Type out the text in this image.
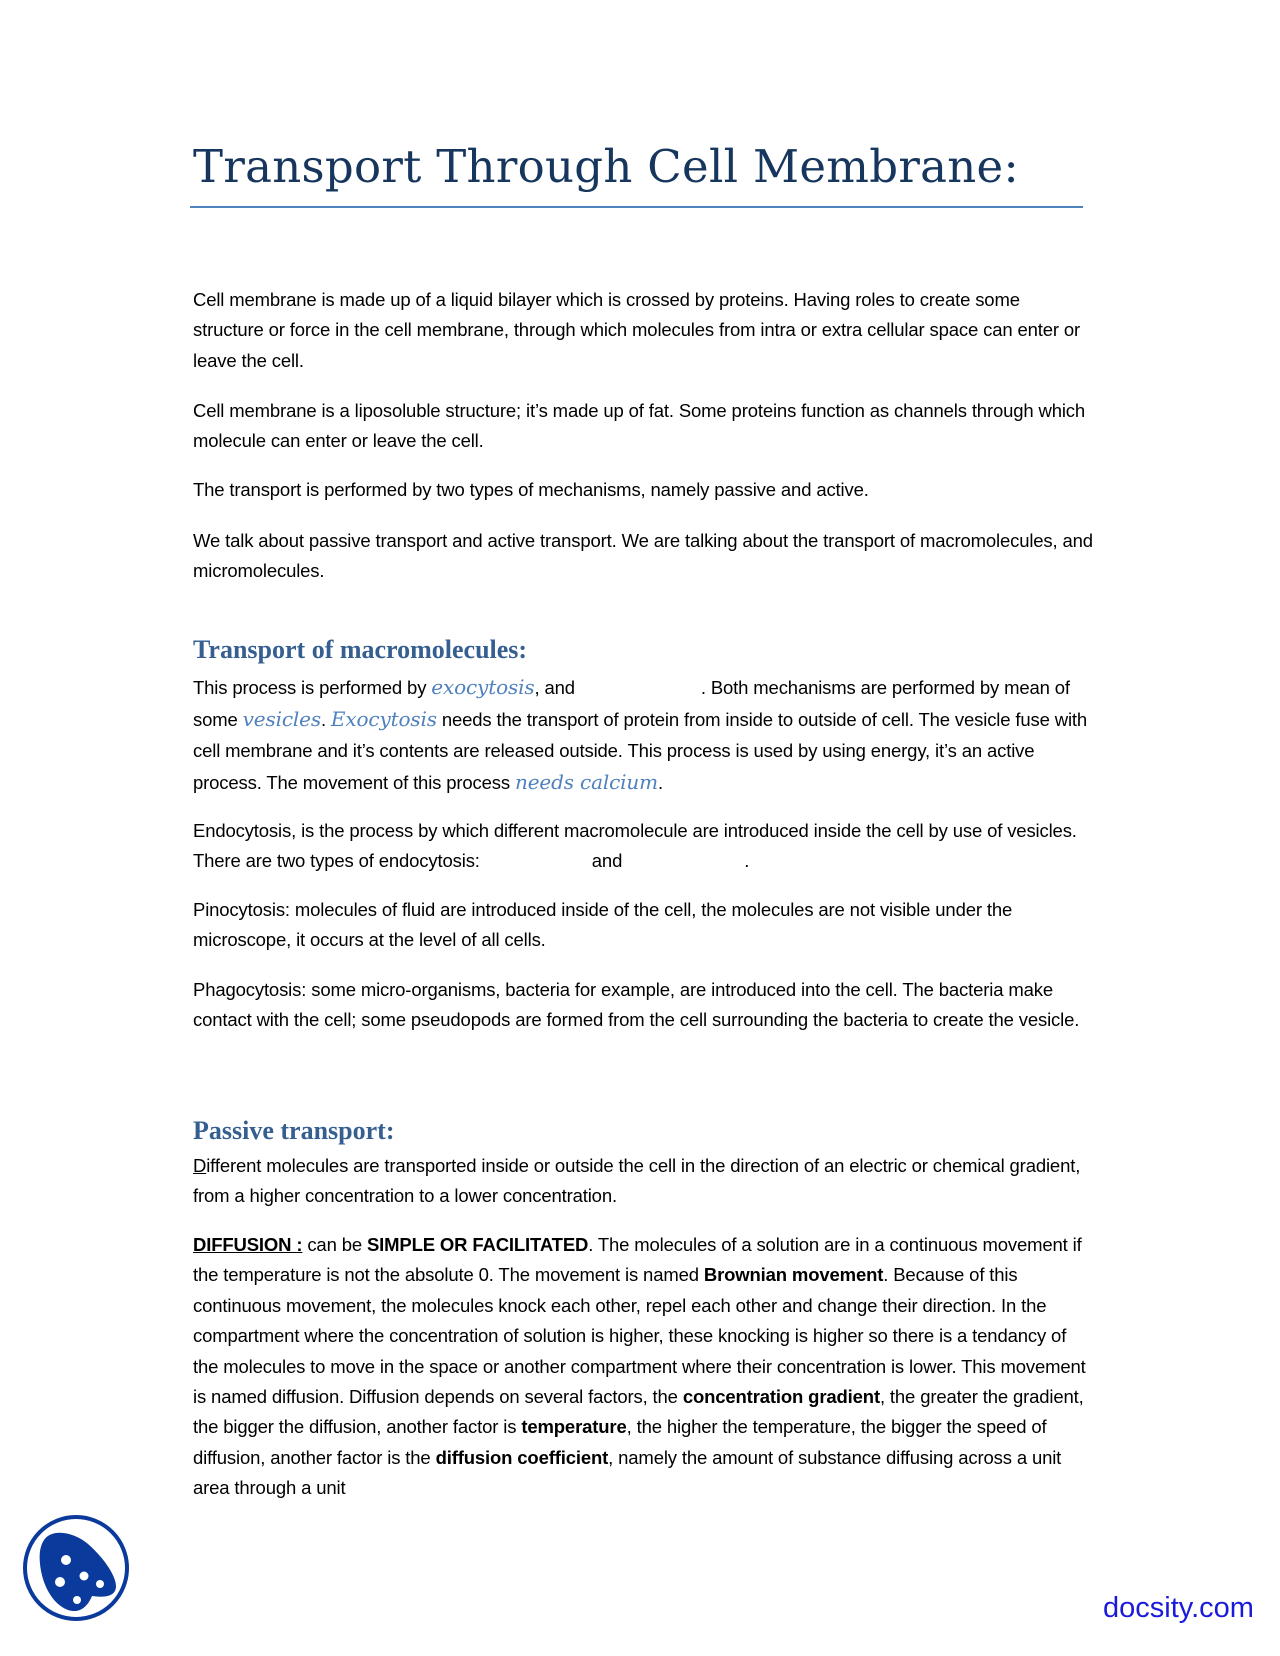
Transport Through Cell Membrane:
Cell membrane is made up of a liquid bilayer which is crossed by proteins. Having roles to create some structure or force in the cell membrane, through which molecules from intra or extra cellular space can enter or leave the cell.
Cell membrane is a liposoluble structure; it’s made up of fat. Some proteins function as channels through which molecule can enter or leave the cell.
The transport is performed by two types of mechanisms, namely passive and active.
We talk about passive transport and active transport. We are talking about the transport of macromolecules, and micromolecules.
Transport of macromolecules:
This process is performed by exocytosis, and	. Both mechanisms are performed by mean of some vesicles. Exocytosis needs the transport of protein from inside to outside of cell. The vesicle fuse with cell membrane and it’s contents are released outside. This process is used by using energy, it’s an active process. The movement of this process needs calcium.
Endocytosis, is the process by which different macromolecule are introduced inside the cell by use of vesicles. There are two types of endocytosis:	and	.
Pinocytosis: molecules of fluid are introduced inside of the cell, the molecules are not visible under the microscope, it occurs at the level of all cells.
Phagocytosis: some micro-organisms, bacteria for example, are introduced into the cell. The bacteria make contact with the cell; some pseudopods are formed from the cell surrounding the bacteria to create the vesicle.
Passive transport:
Different molecules are transported inside or outside the cell in the direction of an electric or chemical gradient, from a higher concentration to a lower concentration.
DIFFUSION : can be SIMPLE OR FACILITATED. The molecules of a solution are in a continuous movement if the temperature is not the absolute 0. The movement is named Brownian movement. Because of this continuous movement, the molecules knock each other, repel each other and change their direction. In the compartment where the concentration of solution is higher, these knocking is higher so there is a tendancy of the molecules to move in the space or another compartment where their concentration is lower. This movement is named diffusion. Diffusion depends on several factors, the concentration gradient, the greater the gradient, the bigger the diffusion, another factor is temperature, the higher the temperature, the bigger the speed of diffusion, another factor is the diffusion coefficient, namely the amount of substance diffusing across a unit area through a unit
docsity.com
